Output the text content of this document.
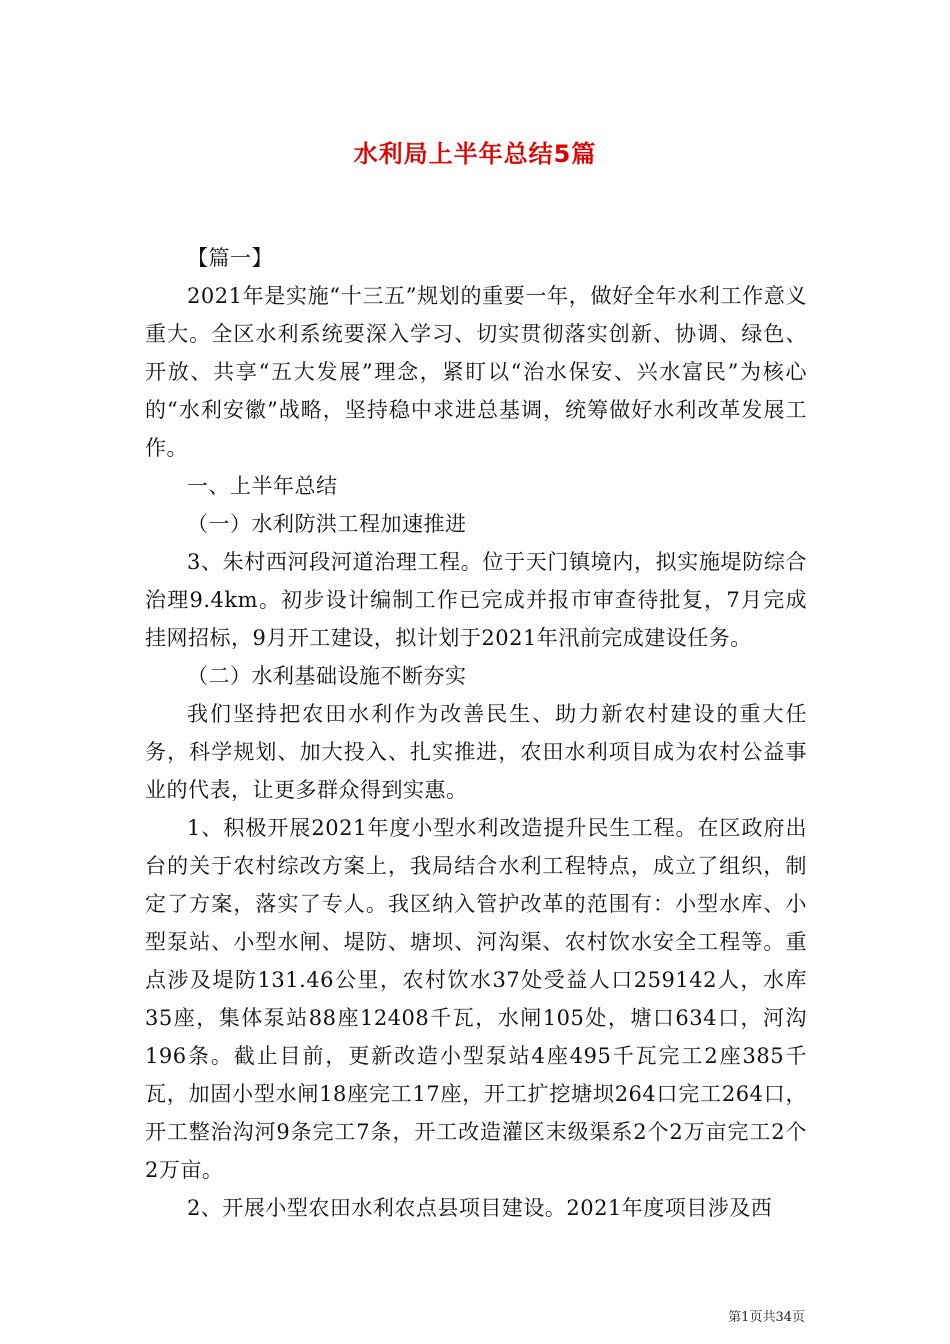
水利局上半年总结5篇

【篇一】

2021年是实施“十三五”规划的重要一年，做好全年水利工作意义重大。全区水利系统要深入学习、切实贯彻落实创新、协调、绿色、开放、共享“五大发展”理念，紧盯以“治水保安、兴水富民”为核心的“水利安徽”战略，坚持稳中求进总基调，统筹做好水利改革发展工作。

一、上半年总结

（一）水利防洪工程加速推进

3、朱村西河段河道治理工程。位于天门镇境内，拟实施堤防综合治理9.4km。初步设计编制工作已完成并报市审查待批复，7月完成挂网招标，9月开工建设，拟计划于2021年汛前完成建设任务。

（二）水利基础设施不断夯实

我们坚持把农田水利作为改善民生、助力新农村建设的重大任务，科学规划、加大投入、扎实推进，农田水利项目成为农村公益事业的代表，让更多群众得到实惠。

1、积极开展2021年度小型水利改造提升民生工程。在区政府出台的关于农村综改方案上，我局结合水利工程特点，成立了组织，制定了方案，落实了专人。我区纳入管护改革的范围有：小型水库、小型泵站、小型水闸、堤防、塘坝、河沟渠、农村饮水安全工程等。重点涉及堤防131.46公里，农村饮水37处受益人口259142人，水库35座，集体泵站88座12408千瓦，水闸105处，塘口634口，河沟196条。截止目前，更新改造小型泵站4座495千瓦完工2座385千瓦，加固小型水闸18座完工17座，开工扩挖塘坝264口完工264口，开工整治沟河9条完工7条，开工改造灌区末级渠系2个2万亩完工2个2万亩。

2、开展小型农田水利农点县项目建设。2021年度项目涉及西

第1页共34页
